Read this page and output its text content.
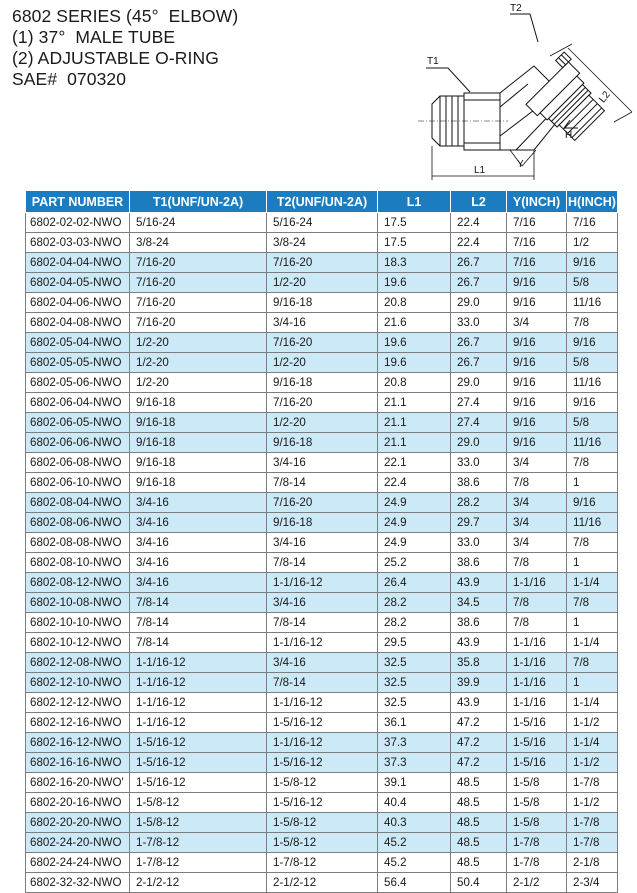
6802 SERIES (45°  ELBOW)
(1) 37°  MALE TUBE
(2) ADJUSTABLE O-RING
SAE#  070320
T1
T2
H
L1
L2
Y
PART NUMBER	T1(UNF/UN-2A)	T2(UNF/UN-2A)	L1	L2	Y(INCH)	H(INCH)
6802-02-02-NWO	5/16-24	5/16-24	17.5	22.4	7/16	7/16
6802-03-03-NWO	3/8-24	3/8-24	17.5	22.4	7/16	1/2
6802-04-04-NWO	7/16-20	7/16-20	18.3	26.7	7/16	9/16
6802-04-05-NWO	7/16-20	1/2-20	19.6	26.7	9/16	5/8
6802-04-06-NWO	7/16-20	9/16-18	20.8	29.0	9/16	11/16
6802-04-08-NWO	7/16-20	3/4-16	21.6	33.0	3/4	7/8
6802-05-04-NWO	1/2-20	7/16-20	19.6	26.7	9/16	9/16
6802-05-05-NWO	1/2-20	1/2-20	19.6	26.7	9/16	5/8
6802-05-06-NWO	1/2-20	9/16-18	20.8	29.0	9/16	11/16
6802-06-04-NWO	9/16-18	7/16-20	21.1	27.4	9/16	9/16
6802-06-05-NWO	9/16-18	1/2-20	21.1	27.4	9/16	5/8
6802-06-06-NWO	9/16-18	9/16-18	21.1	29.0	9/16	11/16
6802-06-08-NWO	9/16-18	3/4-16	22.1	33.0	3/4	7/8
6802-06-10-NWO	9/16-18	7/8-14	22.4	38.6	7/8	1
6802-08-04-NWO	3/4-16	7/16-20	24.9	28.2	3/4	9/16
6802-08-06-NWO	3/4-16	9/16-18	24.9	29.7	3/4	11/16
6802-08-08-NWO	3/4-16	3/4-16	24.9	33.0	3/4	7/8
6802-08-10-NWO	3/4-16	7/8-14	25.2	38.6	7/8	1
6802-08-12-NWO	3/4-16	1-1/16-12	26.4	43.9	1-1/16	1-1/4
6802-10-08-NWO	7/8-14	3/4-16	28.2	34.5	7/8	7/8
6802-10-10-NWO	7/8-14	7/8-14	28.2	38.6	7/8	1
6802-10-12-NWO	7/8-14	1-1/16-12	29.5	43.9	1-1/16	1-1/4
6802-12-08-NWO	1-1/16-12	3/4-16	32.5	35.8	1-1/16	7/8
6802-12-10-NWO	1-1/16-12	7/8-14	32.5	39.9	1-1/16	1
6802-12-12-NWO	1-1/16-12	1-1/16-12	32.5	43.9	1-1/16	1-1/4
6802-12-16-NWO	1-1/16-12	1-5/16-12	36.1	47.2	1-5/16	1-1/2
6802-16-12-NWO	1-5/16-12	1-1/16-12	37.3	47.2	1-5/16	1-1/4
6802-16-16-NWO	1-5/16-12	1-5/16-12	37.3	47.2	1-5/16	1-1/2
6802-16-20-NWO'	1-5/16-12	1-5/8-12	39.1	48.5	1-5/8	1-7/8
6802-20-16-NWO	1-5/8-12	1-5/16-12	40.4	48.5	1-5/8	1-1/2
6802-20-20-NWO	1-5/8-12	1-5/8-12	40.3	48.5	1-5/8	1-7/8
6802-24-20-NWO	1-7/8-12	1-5/8-12	45.2	48.5	1-7/8	1-7/8
6802-24-24-NWO	1-7/8-12	1-7/8-12	45.2	48.5	1-7/8	2-1/8
6802-32-32-NWO	2-1/2-12	2-1/2-12	56.4	50.4	2-1/2	2-3/4
